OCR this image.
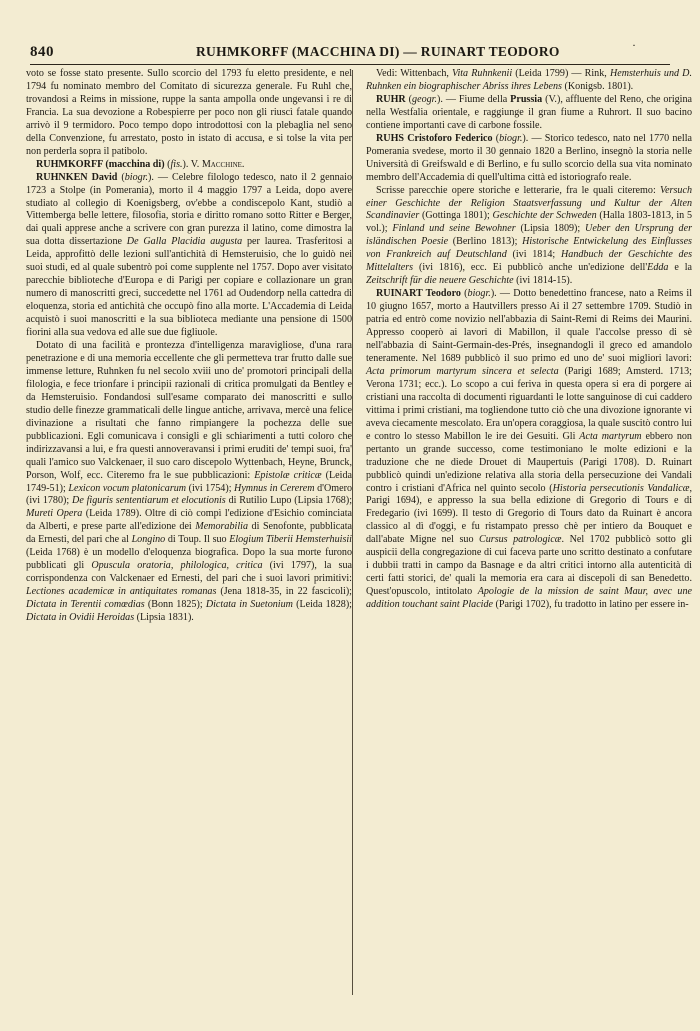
840	RUHMKORFF (MACCHINA DI) — RUINART TEODORO	·

voto se fosse stato presente. Sullo scorcio del 1793 fu eletto presidente, e nel 1794 fu nominato membro del Comitato di sicurezza generale. Fu Ruhl che, trovandosi a Reims in missione, ruppe la santa ampolla onde ungevansi i re di Francia. La sua devozione a Robespierre per poco non gli riuscì fatale quando arrivò il 9 termidoro. Poco tempo dopo introdottosi con la plebaglia nel seno della Convenzione, fu arrestato, posto in istato di accusa, e si tolse la vita per non perderla sopra il patibolo.

RUHMKORFF (macchina di) (fis.). V. Macchine.

RUHNKEN David (biogr.). — Celebre filologo tedesco, nato il 2 gennaio 1723 a Stolpe (in Pomerania), morto il 4 maggio 1797 a Leida, dopo avere studiato al collegio di Koenigsberg, ov'ebbe a condiscepolo Kant, studiò a Vittemberga belle lettere, filosofia, storia e diritto romano sotto Ritter e Berger, dai quali apprese anche a scrivere con gran purezza il latino, come dimostra la sua dotta dissertazione De Galla Placidia augusta per laurea. Trasferitosi a Leida, approfittò delle lezioni sull'antichità di Hemsteruisio, che lo guidò nei suoi studi, ed al quale subentrò poi come supplente nel 1757. Dopo aver visitato parecchie biblioteche d'Europa e di Parigi per copiare e collazionare un gran numero di manoscritti greci, succedette nel 1761 ad Oudendorp nella cattedra di eloquenza, storia ed antichità che occupò fino alla morte. L'Accademia di Leida acquistò i suoi manoscritti e la sua biblioteca mediante una pensione di 1500 fiorini alla sua vedova ed alle sue due figliuole.

Dotato di una facilità e prontezza d'intelligenza maravigliose, d'una rara penetrazione e di una memoria eccellente che gli permetteva trar frutto dalle sue immense letture, Ruhnken fu nel secolo xviii uno de' promotori principali della filologia, e fece trionfare i principii razionali di critica promulgati da Bentley e da Hemsteruisio. Fondandosi sull'esame comparato dei manoscritti e sullo studio delle finezze grammaticali delle lingue antiche, arrivava, mercè una felice divinazione a risultati che fanno rimpiangere la pochezza delle sue pubblicazioni. Egli comunicava i consigli e gli schiarimenti a tutti coloro che indirizzavansi a lui, e fra questi annoveravansi i primi eruditi de' tempi suoi, fra' quali l'amico suo Valckenaer, il suo caro discepolo Wyttenbach, Heyne, Brunck, Porson, Wolf, ecc. Citeremo fra le sue pubblicazioni: Epistolæ criticæ (Leida 1749-51); Lexicon vocum platonicarum (ivi 1754); Hymnus in Cererem d'Omero (ivi 1780); De figuris sententiarum et elocutionis di Rutilio Lupo (Lipsia 1768); Mureti Opera (Leida 1789). Oltre di ciò compì l'edizione d'Esichio cominciata da Alberti, e prese parte all'edizione dei Memorabilia di Senofonte, pubblicata da Ernesti, del pari che al Longino di Toup. Il suo Elogium Tiberii Hemsterhuisii (Leida 1768) è un modello d'eloquenza biografica. Dopo la sua morte furono pubblicati gli Opuscula oratoria, philologica, critica (ivi 1797), la sua corrispondenza con Valckenaer ed Ernesti, del pari che i suoi lavori primitivi: Lectiones academicæ in antiquitates romanas (Jena 1818-35, in 22 fascicoli); Dictata in Terentii comœdias (Bonn 1825); Dictata in Suetonium (Leida 1828); Dictata in Ovidii Heroidas (Lipsia 1831).

Vedi: Wittenbach, Vita Ruhnkenii (Leida 1799) — Rink, Hemsterhuis und D. Ruhnken ein biographischer Abriss ihres Lebens (Konigsb. 1801).

RUHR (geogr.). — Fiume della Prussia (V.), affluente del Reno, che origina nella Westfalia orientale, e raggiunge il gran fiume a Ruhrort. Il suo bacino contiene importanti cave di carbone fossile.

RUHS Cristoforo Federico (biogr.). — Storico tedesco, nato nel 1770 nella Pomerania svedese, morto il 30 gennaio 1820 a Berlino, insegnò la storia nelle Università di Greifswald e di Berlino, e fu sullo scorcio della sua vita nominato membro dell'Accademia di quell'ultima città ed istoriografo reale.

Scrisse parecchie opere storiche e letterarie, fra le quali citeremo: Versuch einer Geschichte der Religion Staatsverfassung und Kultur der Alten Scandinavier (Gottinga 1801); Geschichte der Schweden (Halla 1803-1813, in 5 vol.); Finland und seine Bewohner (Lipsia 1809); Ueber den Ursprung der isländischen Poesie (Berlino 1813); Historische Entwickelung des Einflusses von Frankreich auf Deutschland (ivi 1814; Handbuch der Geschichte des Mittelalters (ivi 1816), ecc. Ei pubblicò anche un'edizione dell'Edda e la Zeitschrift für die neuere Geschichte (ivi 1814-15).

RUINART Teodoro (biogr.). — Dotto benedettino francese, nato a Reims il 10 giugno 1657, morto a Hautvillers presso Ai il 27 settembre 1709. Studiò in patria ed entrò come novizio nell'abbazia di Saint-Remi di Reims dei Maurini. Appresso cooperò ai lavori di Mabillon, il quale l'accolse presso di sè nell'abbazia di Saint-Germain-des-Prés, insegnandogli il greco ed amandolo teneramente. Nel 1689 pubblicò il suo primo ed uno de' suoi migliori lavori: Acta primorum martyrum sincera et selecta (Parigi 1689; Amsterd. 1713; Verona 1731; ecc.). Lo scopo a cui feriva in questa opera si era di porgere ai cristiani una raccolta di documenti riguardanti le lotte sanguinose di cui caddero vittima i primi cristiani, ma togliendone tutto ciò che una divozione ignorante vi aveva ciecamente mescolato. Era un'opera coraggiosa, la quale suscitò contro lui e contro lo stesso Mabillon le ire dei Gesuiti. Gli Acta martyrum ebbero non pertanto un grande successo, come testimoniano le molte edizioni e la traduzione che ne diede Drouet di Maupertuis (Parigi 1708). D. Ruinart pubblicò quindi un'edizione relativa alla storia della persecuzione dei Vandali contro i cristiani d'Africa nel quinto secolo (Historia persecutionis Vandalicæ, Parigi 1694), e appresso la sua bella edizione di Gregorio di Tours e di Fredegario (ivi 1699). Il testo di Gregorio di Tours dato da Ruinart è ancora classico al dì d'oggi, e fu ristampato presso chè per intiero da Bouquet e dall'abate Migne nel suo Cursus patrologicæ. Nel 1702 pubblicò sotto gli auspicii della congregazione di cui faceva parte uno scritto destinato a confutare i dubbii tratti in campo da Basnage e da altri critici intorno alla autenticità di certi fatti storici, de' quali la memoria era cara ai discepoli di san Benedetto. Quest'opuscolo, intitolato Apologie de la mission de saint Maur, avec une addition touchant saint Placide (Parigi 1702), fu tradotto in latino per essere in-
